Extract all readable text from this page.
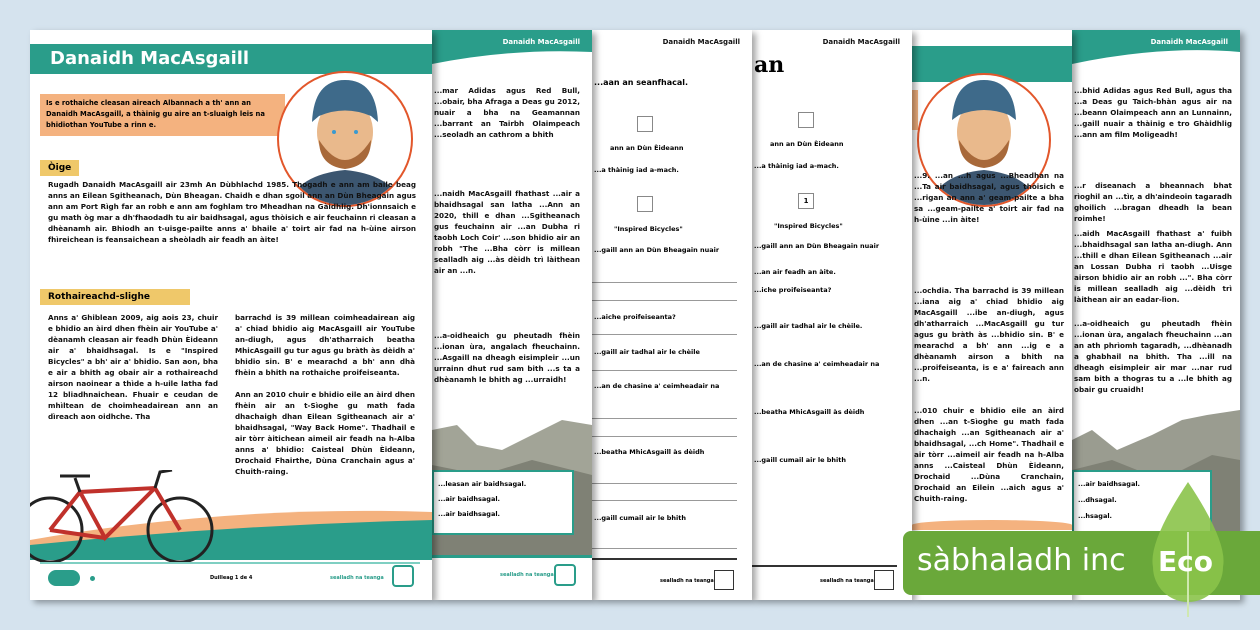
Danaidh MacAsgaill
...bhid Adidas agus Red Bull, agus tha ...a Deas gu Taich-bhàn agus air na ...beann Olaimpeach ann an Lunnainn, ...gaill nuair a thàinig e tro Ghàidhlig ...ann am film Moligeadh!
...r diseanach a bheannach bhat rìoghil an ...tìr, a dh'aindeoin tagaradh ghoilich ...bragan dheadh la bean roimhe!
...aidh MacAsgaill fhathast a' fuibh ...bhaidhsagal san latha an-diugh. Ann ...thill e dhan Eilean Sgitheanach ...air an Lossan Dubha ri taobh ...Uisge airson bhidio air an robh ...". Bha còrr is millean sealladh aig ...dèidh trì làithean air an eadar-lìon.
...a-oidheaich gu pheutadh fhèin ...ionan ùra, angalach fheuchainn ...an an ath phrìomh tagaradh, ...dhèanadh a ghabhail na bhith. Tha ...ill na dheagh eisimpleir air mar ...nar rud sam bith a thogras tu a ...le bhith ag obair gu cruaidh!
...air baidhsagal.
...dhsagal.
...hsagal.
...9. ...an ...h agus ...Bheadhan na ...Ta air baidhsagal, agus thòisich e ...rigan an ann a' geam-pailte a bha sa ...geam-pailte a' toirt air fad na h-ùine ...in àite!
...ochdia. Tha barrachd is 39 millean ...iana aig a' chiad bhidio aig MacAsgaill ...ibe an-diugh, agus dh'atharraich ...MacAsgaill gu tur agus gu bràth às ...bhidio sin. B' e mearachd a bh' ann ...ig e a dhèanamh airson a bhith na ...proifeiseanta, is e a' faireach ann ...n.
...010 chuir e bhidio eile an àird dhen ...an t-Sìoghe gu math fada dhachaigh ...an Sgitheanach air a' bhaidhsagal, ...ch Home". Thadhail e air tòrr ...aimeil air feadh na h-Alba anns ...Caisteal Dhùn Èideann, Drochaid ...Dùna Cranchain, Drochaid an Eilein ...aich agus a' Chuith-raing.
Danaidh MacAsgaill
an
ann an Dùn Èideann
...a thàinig iad a-mach.
1
"Inspired Bicycles"
...gaill ann an Dùn Bheagain nuair
...an air feadh an àite.
...iche proifeiseanta?
...gaill air tadhal air le chèile.
...an de chasine a' ceimheadair na
...beatha MhicAsgaill às dèidh
...gaill cumail air le bhith
sealladh na teanga
Danaidh MacAsgaill
...aan an seanfhacal.
ann an Dùn Èideann
...a thàinig iad a-mach.
"Inspired Bicycles"
...gaill ann an Dùn Bheagain nuair
...aiche proifeiseanta?
...gaill air tadhal air le chèile
...an de chasine a' ceimheadair na
...beatha MhicAsgaill às dèidh
...gaill cumail air le bhith
sealladh na teanga
Danaidh MacAsgaill
...mar Adidas agus Red Bull, ...obair, bha Afraga a Deas gu 2012, nuair a bha na Geamannan ...barrant an Tairbh Olaimpeach ...seoladh an cathrom a bhith
...naidh MacAsgaill fhathast ...air a bhaidhsagal san latha ...Ann an 2020, thill e dhan ...Sgitheanach gus feuchainn air ...an Dubha ri taobh Loch Coir' ...son bhidio air an robh "The ...Bha còrr is millean sealladh aig ...às dèidh trì làithean air an ...n.
...a-oidheaich gu pheutadh fhèin ...ionan ùra, angalach fheuchainn. ...Asgaill na dheagh eisimpleir ...un urrainn dhut rud sam bith ...s ta a dhèanamh le bhith ag ...urraidh!
...leasan air baidhsagal.
...air baidhsagal.
...air baidhsagal.
sealladh na teanga
Danaidh MacAsgaill
Is e rothaiche cleasan aireach Albannach a th' ann an Danaidh MacAsgaill, a thàinig gu aire an t-sluaigh leis na bhidiothan YouTube a rinn e.
Òige
Rugadh Danaidh MacAsgaill air 23mh An Dùbhlachd 1985. Thogadh e ann am baile beag anns an Eilean Sgitheanach, Dùn Bheagan. Chaidh e dhan sgoil ann an Dùn Bheagain agus ann am Port Rìgh far an robh e ann am foghlam tro Mheadhan na Gàidhlig. Dh'ionnsaich e gu math òg mar a dh'fhaodadh tu air baidhsagal, agus thòisich e air feuchainn ri cleasan a dhèanamh air. Bhiodh an t-uisge-pailte anns a' bhaile a' toirt air fad na h-ùine airson fhìreichean is feansaichean a sheòladh air feadh an àite!
Rothaireachd-slighe
Anns a' Ghiblean 2009, aig aois 23, chuir e bhidio an àird dhen fhèin air YouTube a' dèanamh cleasan air feadh Dhùn Èideann air a' bhaidhsagal. Is e "Inspired Bicycles" a bh' air a' bhidio. San aon, bha e air a bhith ag obair air a rothaireachd airson naoinear a thìde a h-uile latha fad 12 bliadhnaichean. Fhuair e ceudan de mhìltean de choimheadairean ann an dìreach aon oidhche. Tha
barrachd is 39 millean coimheadairean aig a' chiad bhidio aig MacAsgaill air YouTube an-diugh, agus dh'atharraich beatha MhicAsgaill gu tur agus gu bràth às dèidh a' bhidio sin. B' e mearachd a bh' ann dhà fhèin a bhith na rothaiche proifeiseanta.

Ann an 2010 chuir e bhidio eile an àird dhen fhèin air an t-Sìoghe gu math fada dhachaigh dhan Eilean Sgitheanach air a' bhaidhsagal, "Way Back Home". Thadhail e air tòrr àitichean aimeil air feadh na h-Alba anns a' bhidio: Caisteal Dhùn Èideann, Drochaid Fhairthe, Dùna Cranchain agus a' Chuith-raing.
Duilleag 1 de 4	sealladh na teanga	sàbhaladh inc Eco
